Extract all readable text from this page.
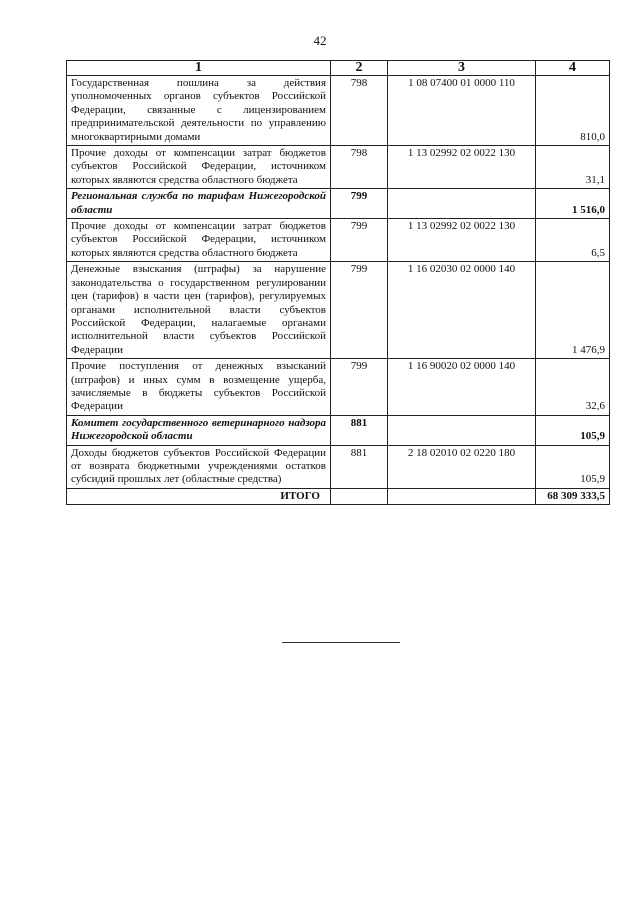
42
1	2	3	4
Государственная пошлина за действия уполномоченных органов субъектов Российской Федерации, связанные с лицензированием предпринимательской деятельности по управлению многоквартирными домами	798	1 08 07400 01 0000 110	810,0
Прочие доходы от компенсации затрат бюджетов субъектов Российской Федерации, источником которых являются средства областного бюджета	798	1 13 02992 02 0022 130	31,1
Региональная служба по тарифам Нижегородской области	799		1 516,0
Прочие доходы от компенсации затрат бюджетов субъектов Российской Федерации, источником которых являются средства областного бюджета	799	1 13 02992 02 0022 130	6,5
Денежные взыскания (штрафы) за нарушение законодательства о государственном регулировании цен (тарифов) в части цен (тарифов), регулируемых органами исполнительной власти субъектов Российской Федерации, налагаемые органами исполнительной власти субъектов Российской Федерации	799	1 16 02030 02 0000 140	1 476,9
Прочие поступления от денежных взысканий (штрафов) и иных сумм в возмещение ущерба, зачисляемые в бюджеты субъектов Российской Федерации	799	1 16 90020 02 0000 140	32,6
Комитет государственного ветеринарного надзора Нижегородской области	881		105,9
Доходы бюджетов субъектов Российской Федерации от возврата бюджетными учреждениями остатков субсидий прошлых лет (областные средства)	881	2 18 02010 02 0220 180	105,9
ИТОГО			68 309 333,5
